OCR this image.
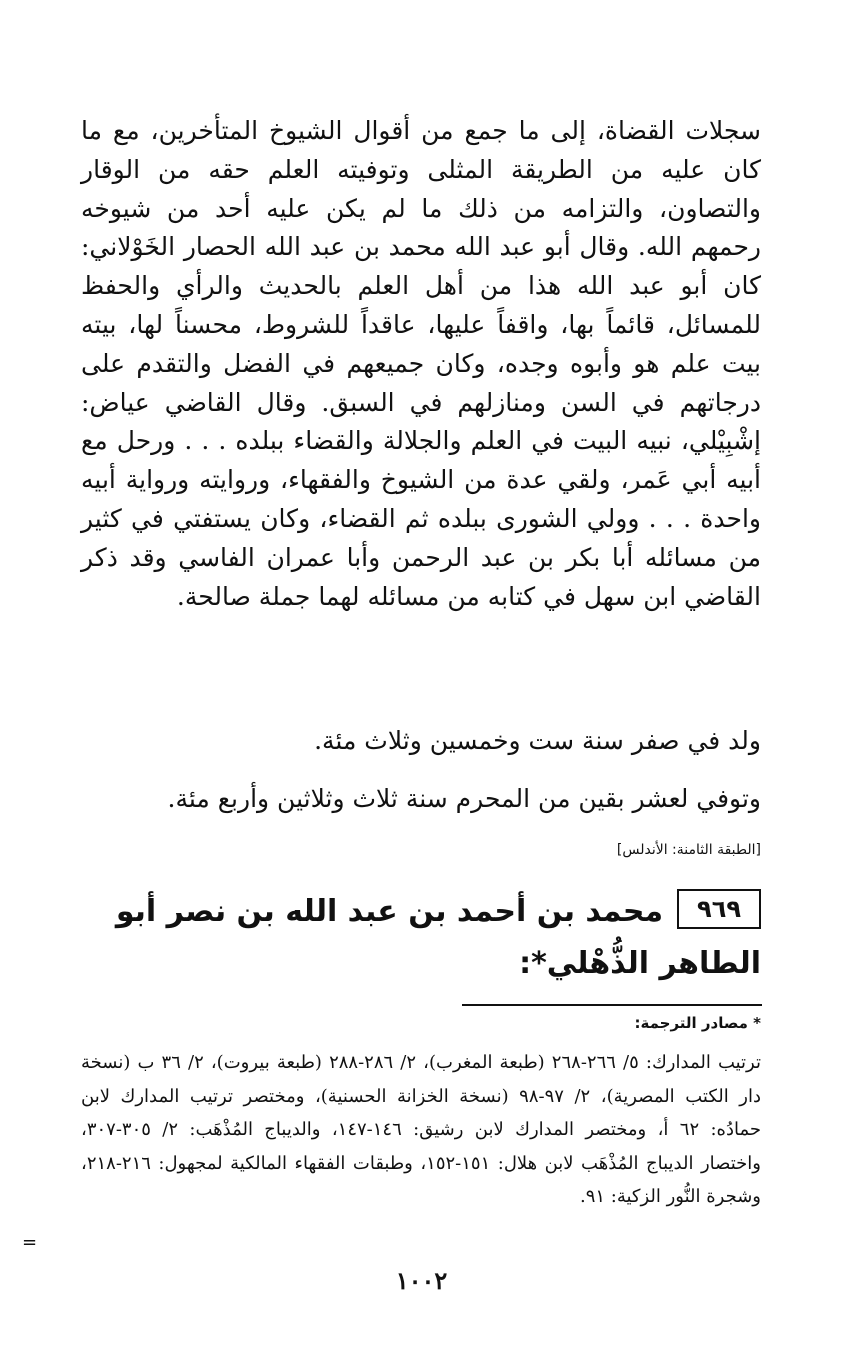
سجلات القضاة، إلى ما جمع من أقوال الشيوخ المتأخرين، مع ما كان عليه من الطريقة المثلى وتوفيته العلم حقه من الوقار والتصاون، والتزامه من ذلك ما لم يكن عليه أحد من شيوخه رحمهم الله. وقال أبو عبد الله محمد بن عبد الله الحصار الخَوْلاني: كان أبو عبد الله هذا من أهل العلم بالحديث والرأي والحفظ للمسائل، قائماً بها، واقفاً عليها، عاقداً للشروط، محسناً لها، بيته بيت علم هو وأبوه وجده، وكان جميعهم في الفضل والتقدم على درجاتهم في السن ومنازلهم في السبق. وقال القاضي عياض: إشْبِيْلي، نبيه البيت في العلم والجلالة والقضاء ببلده . . . ورحل مع أبيه أبي عَمر، ولقي عدة من الشيوخ والفقهاء، وروايته ورواية أبيه واحدة . . . وولي الشورى ببلده ثم القضاء، وكان يستفتي في كثير من مسائله أبا بكر بن عبد الرحمن وأبا عمران الفاسي وقد ذكر القاضي ابن سهل في كتابه من مسائله لهما جملة صالحة.

ولد في صفر سنة ست وخمسين وثلاث مئة.

وتوفي لعشر بقين من المحرم سنة ثلاث وثلاثين وأربع مئة.

[الطبقة الثامنة: الأندلس]
٩٦٩محمد بن أحمد بن عبد الله بن نصر أبو الطاهر الذُّهْلي*:
* مصادر الترجمة:

ترتيب المدارك: ٥/ ٢٦٦-٢٦٨ (طبعة المغرب)، ٢/ ٢٨٦-٢٨٨ (طبعة بيروت)، ٢/ ٣٦ ب (نسخة دار الكتب المصرية)، ٢/ ٩٧-٩٨ (نسخة الخزانة الحسنية)، ومختصر ترتيب المدارك لابن حمادُه: ٦٢ أ، ومختصر المدارك لابن رشيق: ١٤٦-١٤٧، والديباج المُذْهَب: ٢/ ٣٠٥-٣٠٧، واختصار الديباج المُذْهَب لابن هلال: ١٥١-١٥٢، وطبقات الفقهاء المالكية لمجهول: ٢١٦-٢١٨، وشجرة النُّور الزكية: ٩١.

=
١٠٠٢
